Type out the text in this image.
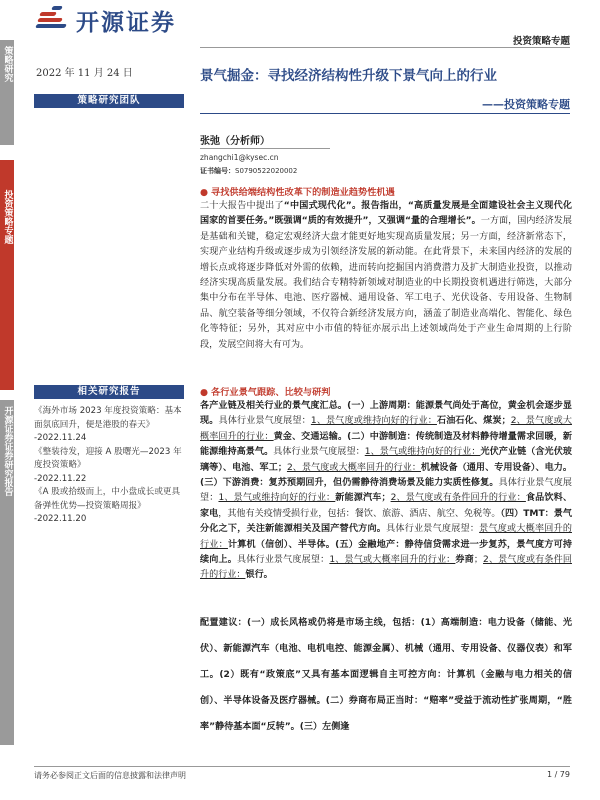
开源证券
投资策略专题
策略研究
投资策略专题
开源证券证券研究报告
2022 年 11 月 24 日
策略研究团队
相关研究报告
《海外市场 2023 年度投资策略：基本面氛底回升，便是港股的春天》
-2022.11.24
《整装待发，迎接 A 股曙光—2023 年度投资策略》
-2022.11.22
《A 股或拾级而上，中小盘成长或更具备弹性优势—投资策略周报》
-2022.11.20
景气掘金：寻找经济结构性升级下景气向上的行业
——投资策略专题
张弛（分析师）
zhangchi1@kysec.cn
证书编号：S0790522020002
● 寻找供给端结构性改革下的制造业趋势性机遇
二十大报告中提出了“中国式现代化”。报告指出，“高质量发展是全面建设社会主义现代化国家的首要任务。”既强调“质的有效提升”，又强调“量的合理增长”。一方面，国内经济发展是基础和关键，稳定宏观经济大盘才能更好地实现高质量发展；另一方面，经济新常态下，实现产业结构升级或逐步成为引领经济发展的新动能。在此背景下，未来国内经济的发展的增长点或将逐步降低对外需的依赖，进而转向挖掘国内消费潜力及扩大制造业投资，以推动经济实现高质量发展。我们结合专精特新领域对制造业的中长期投资机遇进行筛选，大部分集中分布在半导体、电池、医疗器械、通用设备、军工电子、光伏设备、专用设备、生物制品、航空装备等细分领域，不仅符合新经济发展方向，涵盖了制造业高端化、智能化、绿色化等特征；另外，其对应中小市值的特征亦展示出上述领域尚处于产业生命周期的上行阶段，发展空间将大有可为。
● 各行业景气跟踪、比较与研判
各产业链及相关行业的景气度汇总。(一）上游周期：能源景气尚处于高位，黄金机会逐步显现。具体行业景气度展望：1、景气度或维持向好的行业：石油石化、煤炭；2、景气度或大概率回升的行业：黄金、交通运输。(二）中游制造：传统制造及材料静待增量需求回暖，新能源维持高景气。具体行业景气度展望：1、景气或维持向好的行业：光伏产业链（含光伏玻璃等）、电池、军工；2、景气度或大概率回升的行业：机械设备（通用、专用设备）、电力。(三）下游消费：复苏预期回升，但仍需静待消费场景及能力实质性修复。具体行业景气度展望：1、景气或维持向好的行业：新能源汽车；2、景气度或有条件回升的行业：食品饮料、家电，其他有关疫情受损行业，包括：餐饮、旅游、酒店、航空、免税等。（四）TMT：景气分化之下，关注新能源相关及国产替代方向。具体行业景气度展望：景气度或大概率回升的行业：计算机（信创）、半导体。(五）金融地产：静待信贷需求进一步复苏，景气度方可持续向上。具体行业景气度展望：1、景气或大概率回升的行业：券商；2、景气度或有条件回升的行业：银行。
配置建议：(一）成长风格或仍将是市场主线，包括：(1）高端制造：电力设备（储能、光伏）、新能源汽车（电池、电机电控、能源金属）、机械（通用、专用设备、仪器仪表）和军工。(2）既有“政策底”又具有基本面逻辑自主可控方向：计算机（金融与电力相关的信创）、半导体设备及医疗器械。(二）券商布局正当时：“赔率”受益于流动性扩张周期，“胜率”静待基本面“反转”。(三）左侧逢
请务必参阅正文后面的信息披露和法律声明	1 / 79
